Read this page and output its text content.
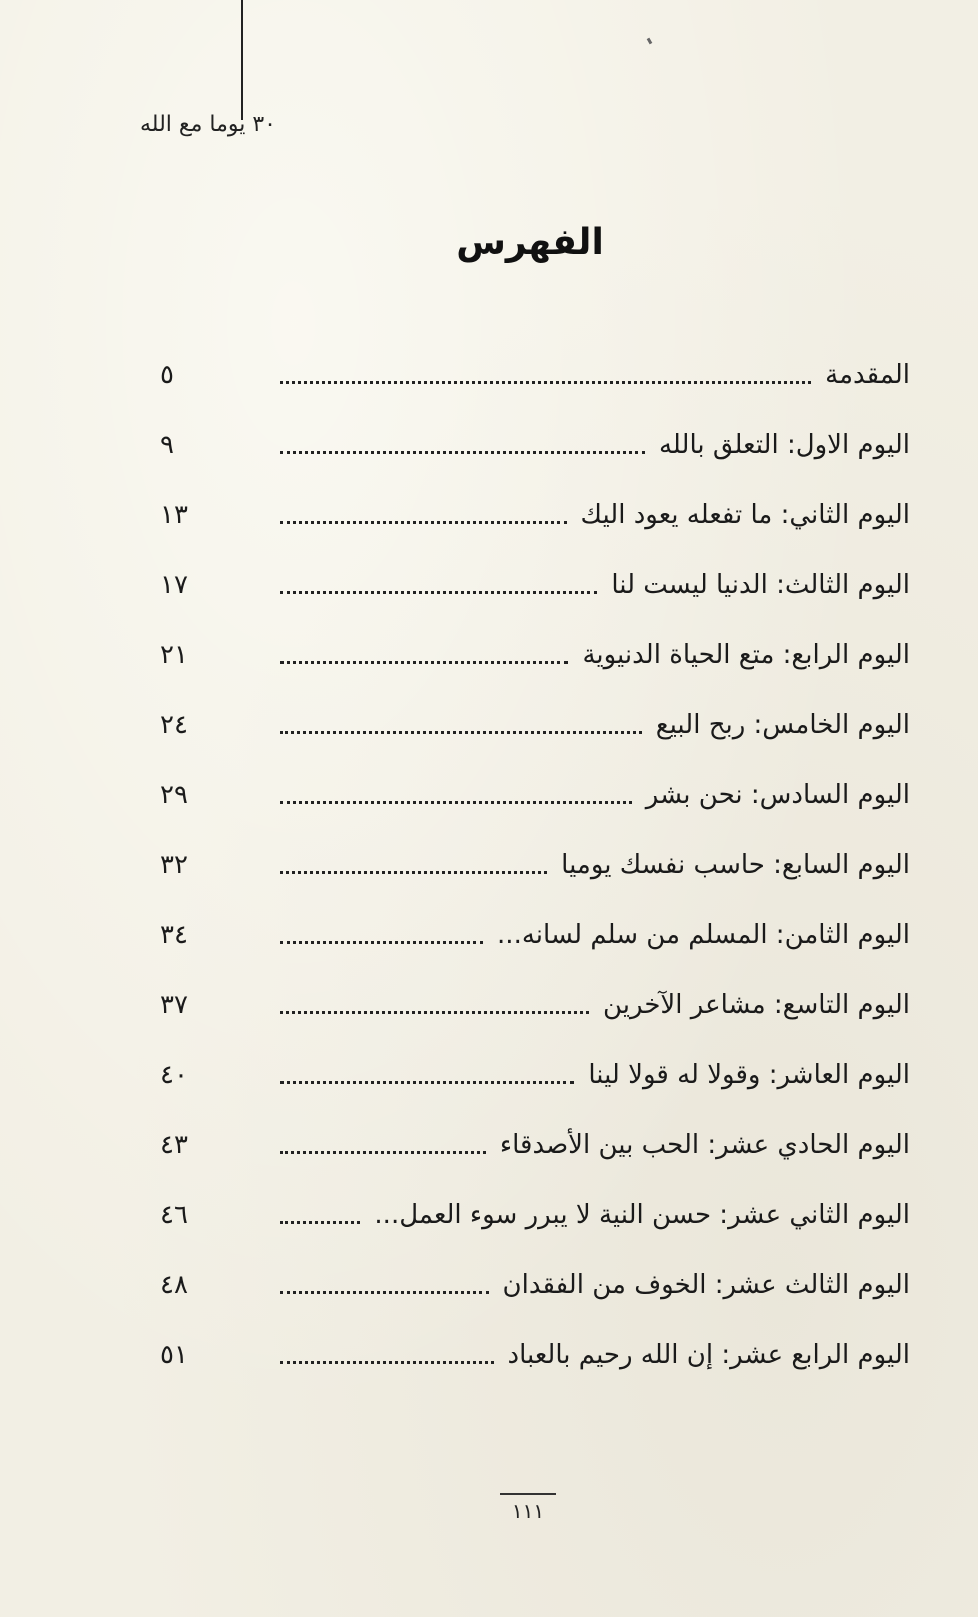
٣٠ يوما مع الله
الفهرس
المقدمة
٥
اليوم الاول: التعلق بالله
٩
اليوم الثاني: ما تفعله يعود اليك
١٣
اليوم الثالث: الدنيا ليست لنا
١٧
اليوم الرابع: متع الحياة الدنيوية
٢١
اليوم الخامس: ربح البيع
٢٤
اليوم السادس: نحن بشر
٢٩
اليوم السابع: حاسب نفسك يوميا
٣٢
اليوم الثامن: المسلم من سلم لسانه...
٣٤
اليوم التاسع: مشاعر الآخرين
٣٧
اليوم العاشر: وقولا له قولا لينا
٤٠
اليوم الحادي عشر: الحب بين الأصدقاء
٤٣
اليوم الثاني عشر: حسن النية لا يبرر سوء العمل...
٤٦
اليوم الثالث عشر: الخوف من الفقدان
٤٨
اليوم الرابع عشر: إن الله رحيم بالعباد
٥١
١١١
